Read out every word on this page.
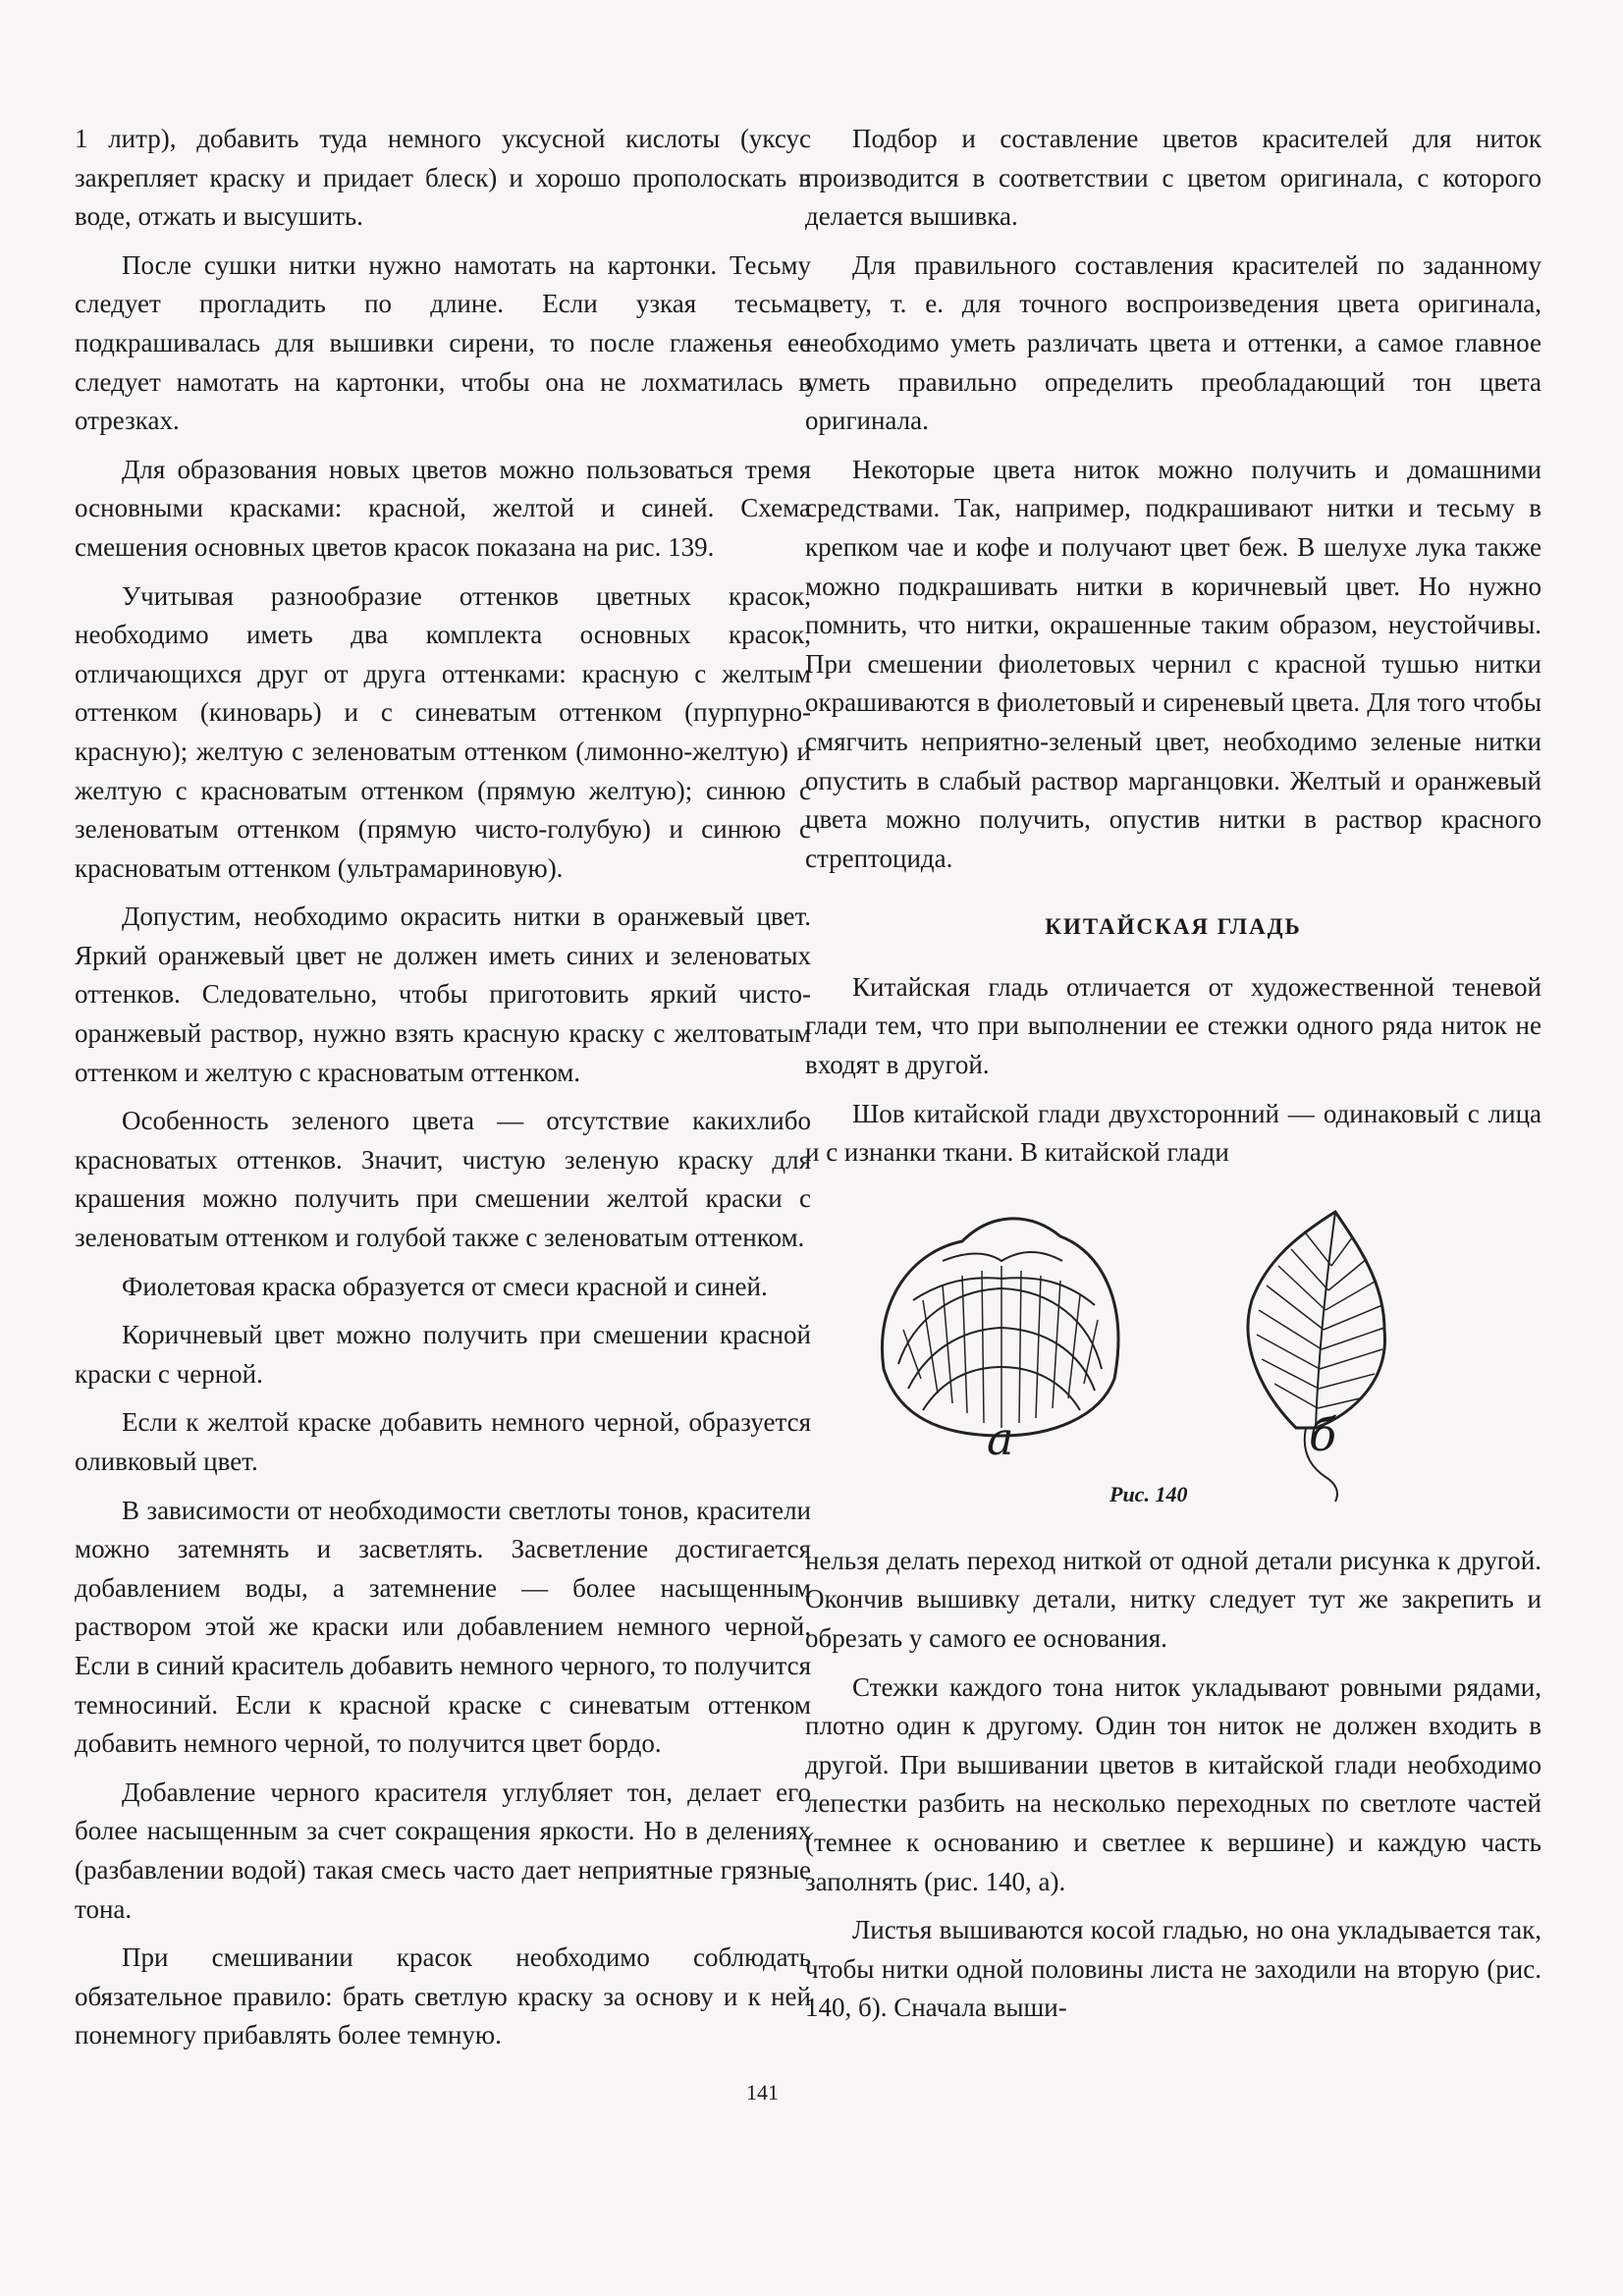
1 литр), добавить туда немного уксусной кислоты (уксус закрепляет краску и придает блеск) и хорошо прополоскать в воде, отжать и высушить.

После сушки нитки нужно намотать на картонки. Тесьму следует прогладить по длине. Если узкая тесьма подкрашивалась для вышивки сирени, то после глаженья ее следует намотать на картонки, чтобы она не лохматилась в отрезках.

Для образования новых цветов можно пользоваться тремя основными красками: красной, желтой и синей. Схема смешения основных цветов красок показана на рис. 139.

Учитывая разнообразие оттенков цветных красок, необходимо иметь два комплекта основных красок, отличающихся друг от друга оттенками: красную с желтым оттенком (киноварь) и с синеватым оттенком (пурпурно-красную); желтую с зеленоватым оттенком (лимонно-желтую) и желтую с красноватым оттенком (прямую желтую); синюю с зеленоватым оттенком (прямую чисто-голубую) и синюю с красноватым оттенком (ультрамариновую).

Допустим, необходимо окрасить нитки в оранжевый цвет. Яркий оранжевый цвет не должен иметь синих и зеленоватых оттенков. Следовательно, чтобы приготовить яркий чисто-оранжевый раствор, нужно взять красную краску с желтоватым оттенком и желтую с красноватым оттенком.

Особенность зеленого цвета — отсутствие какихлибо красноватых оттенков. Значит, чистую зеленую краску для крашения можно получить при смешении желтой краски с зеленоватым оттенком и голубой также с зеленоватым оттенком.

Фиолетовая краска образуется от смеси красной и синей.

Коричневый цвет можно получить при смешении красной краски с черной.

Если к желтой краске добавить немного черной, образуется оливковый цвет.

В зависимости от необходимости светлоты тонов, красители можно затемнять и засветлять. Засветление достигается добавлением воды, а затемнение — более насыщенным раствором этой же краски или добавлением немного черной. Если в синий краситель добавить немного черного, то получится темносиний. Если к красной краске с синеватым оттенком добавить немного черной, то получится цвет бордо.

Добавление черного красителя углубляет тон, делает его более насыщенным за счет сокращения яркости. Но в делениях (разбавлении водой) такая смесь часто дает неприятные грязные тона.

При смешивании красок необходимо соблюдать обязательное правило: брать светлую краску за основу и к ней понемногу прибавлять более темную.

Подбор и составление цветов красителей для ниток производится в соответствии с цветом оригинала, с которого делается вышивка.

Для правильного составления красителей по заданному цвету, т. е. для точного воспроизведения цвета оригинала, необходимо уметь различать цвета и оттенки, а самое главное уметь правильно определить преобладающий тон цвета оригинала.

Некоторые цвета ниток можно получить и домашними средствами. Так, например, подкрашивают нитки и тесьму в крепком чае и кофе и получают цвет беж. В шелухе лука также можно подкрашивать нитки в коричневый цвет. Но нужно помнить, что нитки, окрашенные таким образом, неустойчивы. При смешении фиолетовых чернил с красной тушью нитки окрашиваются в фиолетовый и сиреневый цвета. Для того чтобы смягчить неприятно-зеленый цвет, необходимо зеленые нитки опустить в слабый раствор марганцовки. Желтый и оранжевый цвета можно получить, опустив нитки в раствор красного стрептоцида.

КИТАЙСКАЯ ГЛАДЬ

Китайская гладь отличается от художественной теневой глади тем, что при выполнении ее стежки одного ряда ниток не входят в другой.

Шов китайской глади двухсторонний — одинаковый с лица и с изнанки ткани. В китайской глади

а	б
Рис. 140

нельзя делать переход ниткой от одной детали рисунка к другой. Окончив вышивку детали, нитку следует тут же закрепить и обрезать у самого ее основания.

Стежки каждого тона ниток укладывают ровными рядами, плотно один к другому. Один тон ниток не должен входить в другой. При вышивании цветов в китайской глади необходимо лепестки разбить на несколько переходных по светлоте частей (темнее к основанию и светлее к вершине) и каждую часть заполнять (рис. 140, а).

Листья вышиваются косой гладью, но она укладывается так, чтобы нитки одной половины листа не заходили на вторую (рис. 140, б). Сначала выши-

141
